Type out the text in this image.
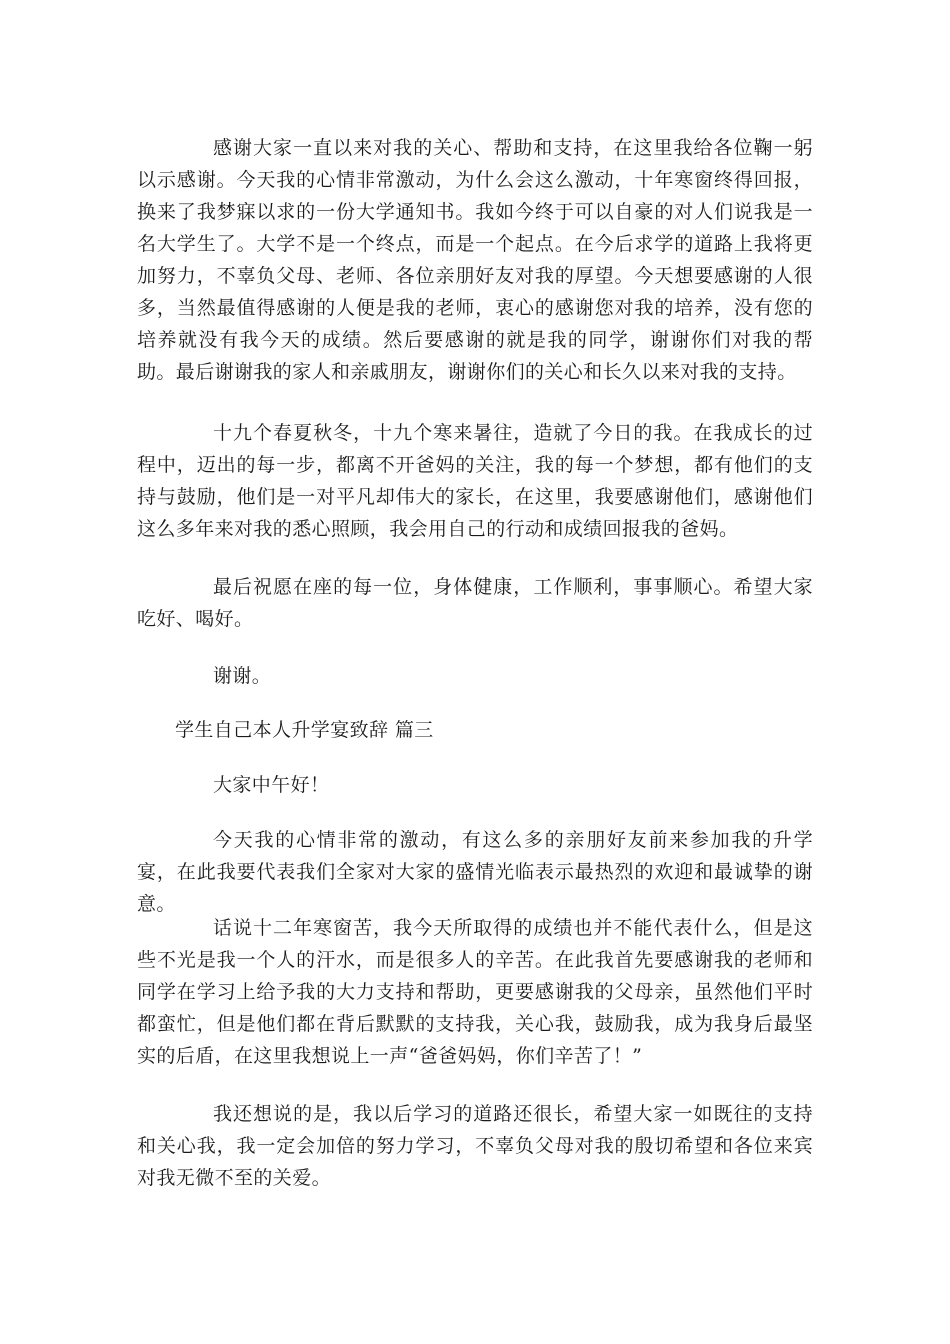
感谢大家一直以来对我的关心、帮助和支持，在这里我给各位鞠一躬以示感谢。今天我的心情非常激动，为什么会这么激动，十年寒窗终得回报，换来了我梦寐以求的一份大学通知书。我如今终于可以自豪的对人们说我是一名大学生了。大学不是一个终点，而是一个起点。在今后求学的道路上我将更加努力，不辜负父母、老师、各位亲朋好友对我的厚望。今天想要感谢的人很多，当然最值得感谢的人便是我的老师，衷心的感谢您对我的培养，没有您的培养就没有我今天的成绩。然后要感谢的就是我的同学，谢谢你们对我的帮助。最后谢谢我的家人和亲戚朋友，谢谢你们的关心和长久以来对我的支持。

十九个春夏秋冬，十九个寒来暑往，造就了今日的我。在我成长的过程中，迈出的每一步，都离不开爸妈的关注，我的每一个梦想，都有他们的支持与鼓励，他们是一对平凡却伟大的家长，在这里，我要感谢他们，感谢他们这么多年来对我的悉心照顾，我会用自己的行动和成绩回报我的爸妈。

最后祝愿在座的每一位，身体健康，工作顺利，事事顺心。希望大家吃好、喝好。

谢谢。

学生自己本人升学宴致辞 篇三

大家中午好！

今天我的心情非常的激动，有这么多的亲朋好友前来参加我的升学宴，在此我要代表我们全家对大家的盛情光临表示最热烈的欢迎和最诚挚的谢意。

话说十二年寒窗苦，我今天所取得的成绩也并不能代表什么，但是这些不光是我一个人的汗水，而是很多人的辛苦。在此我首先要感谢我的老师和同学在学习上给予我的大力支持和帮助，更要感谢我的父母亲，虽然他们平时都蛮忙，但是他们都在背后默默的支持我，关心我，鼓励我，成为我身后最坚实的后盾，在这里我想说上一声“爸爸妈妈，你们辛苦了！”

我还想说的是，我以后学习的道路还很长，希望大家一如既往的支持和关心我，我一定会加倍的努力学习，不辜负父母对我的殷切希望和各位来宾对我无微不至的关爱。
